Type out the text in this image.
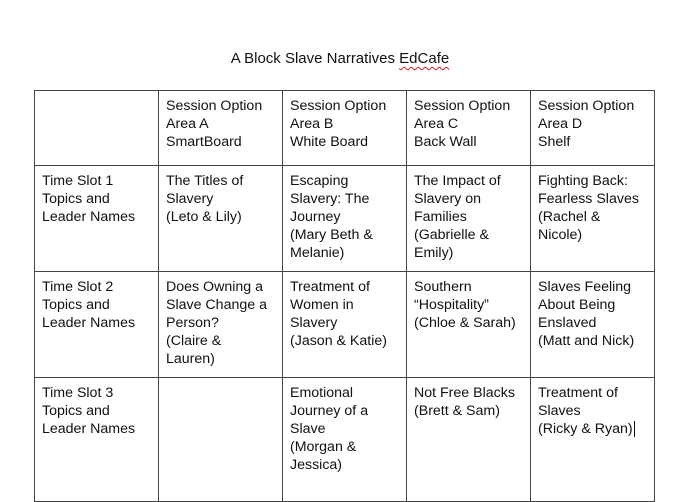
A Block Slave Narratives EdCafe
	Session Option
Area A
SmartBoard	Session Option
Area B
White Board	Session Option
Area C
Back Wall	Session Option
Area D
Shelf
Time Slot 1
Topics and
Leader Names	The Titles of
Slavery
(Leto & Lily)	Escaping
Slavery: The
Journey
(Mary Beth &
Melanie)	The Impact of
Slavery on
Families
(Gabrielle &
Emily)	Fighting Back:
Fearless Slaves
(Rachel &
Nicole)
Time Slot 2
Topics and
Leader Names	Does Owning a
Slave Change a
Person?
(Claire &
Lauren)	Treatment of
Women in
Slavery
(Jason & Katie)	Southern
“Hospitality”
(Chloe & Sarah)	Slaves Feeling
About Being
Enslaved
(Matt and Nick)
Time Slot 3
Topics and
Leader Names		Emotional
Journey of a
Slave
(Morgan &
Jessica)	Not Free Blacks
(Brett & Sam)	Treatment of
Slaves
(Ricky & Ryan)
